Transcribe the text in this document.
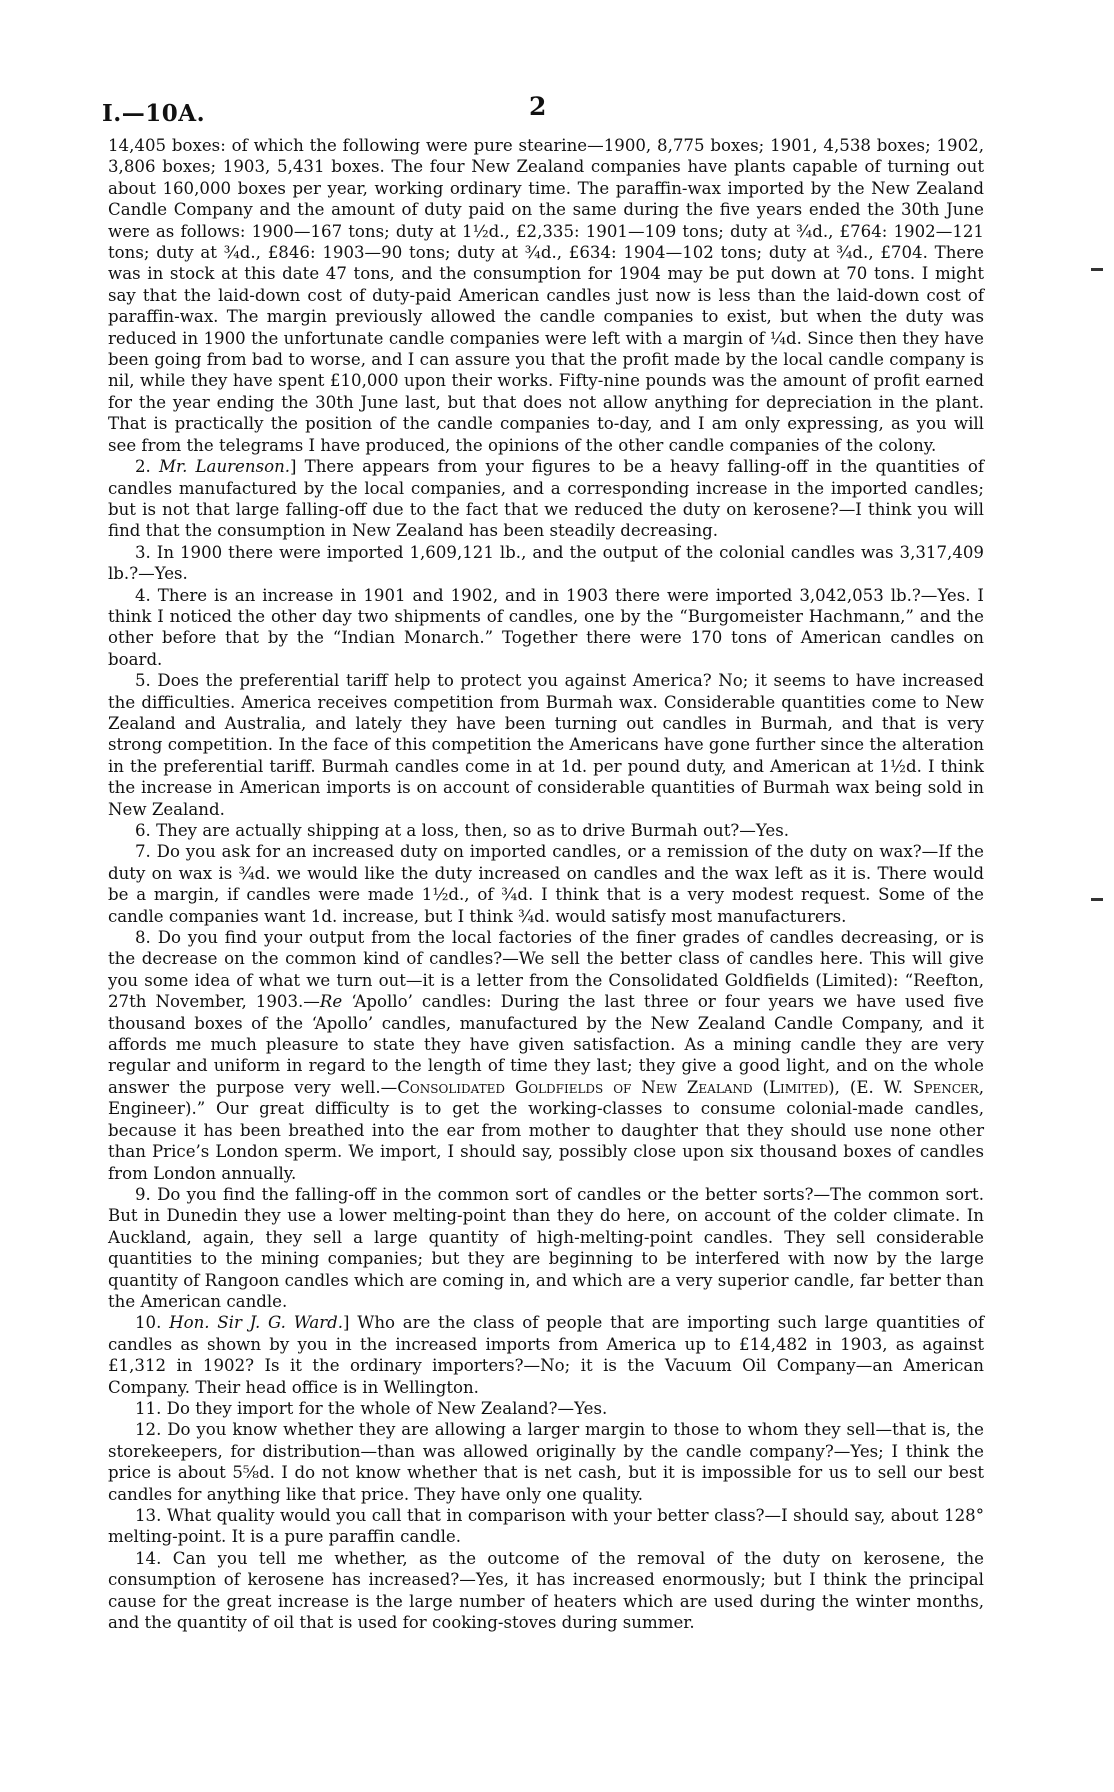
I.—10A.	2

14,405 boxes: of which the following were pure stearine—1900, 8,775 boxes; 1901, 4,538 boxes; 1902, 3,806 boxes; 1903, 5,431 boxes. The four New Zealand companies have plants capable of turning out about 160,000 boxes per year, working ordinary time. The paraffin-wax imported by the New Zealand Candle Company and the amount of duty paid on the same during the five years ended the 30th June were as follows: 1900—167 tons; duty at 1½d., £2,335: 1901—109 tons; duty at ¾d., £764: 1902—121 tons; duty at ¾d., £846: 1903—90 tons; duty at ¾d., £634: 1904—102 tons; duty at ¾d., £704. There was in stock at this date 47 tons, and the consumption for 1904 may be put down at 70 tons. I might say that the laid-down cost of duty-paid American candles just now is less than the laid-down cost of paraffin-wax. The margin previously allowed the candle companies to exist, but when the duty was reduced in 1900 the unfortunate candle companies were left with a margin of ¼d. Since then they have been going from bad to worse, and I can assure you that the profit made by the local candle company is nil, while they have spent £10,000 upon their works. Fifty-nine pounds was the amount of profit earned for the year ending the 30th June last, but that does not allow anything for depreciation in the plant. That is practically the position of the candle companies to-day, and I am only expressing, as you will see from the telegrams I have produced, the opinions of the other candle companies of the colony.

2. Mr. Laurenson.] There appears from your figures to be a heavy falling-off in the quantities of candles manufactured by the local companies, and a corresponding increase in the imported candles; but is not that large falling-off due to the fact that we reduced the duty on kerosene?—I think you will find that the consumption in New Zealand has been steadily decreasing.

3. In 1900 there were imported 1,609,121 lb., and the output of the colonial candles was 3,317,409 lb.?—Yes.

4. There is an increase in 1901 and 1902, and in 1903 there were imported 3,042,053 lb.?—Yes. I think I noticed the other day two shipments of candles, one by the “Burgomeister Hachmann,” and the other before that by the “Indian Monarch.” Together there were 170 tons of American candles on board.

5. Does the preferential tariff help to protect you against America? No; it seems to have increased the difficulties. America receives competition from Burmah wax. Considerable quantities come to New Zealand and Australia, and lately they have been turning out candles in Burmah, and that is very strong competition. In the face of this competition the Americans have gone further since the alteration in the preferential tariff. Burmah candles come in at 1d. per pound duty, and American at 1½d. I think the increase in American imports is on account of considerable quantities of Burmah wax being sold in New Zealand.

6. They are actually shipping at a loss, then, so as to drive Burmah out?—Yes.

7. Do you ask for an increased duty on imported candles, or a remission of the duty on wax?—If the duty on wax is ¾d. we would like the duty increased on candles and the wax left as it is. There would be a margin, if candles were made 1½d., of ¾d. I think that is a very modest request. Some of the candle companies want 1d. increase, but I think ¾d. would satisfy most manufacturers.

8. Do you find your output from the local factories of the finer grades of candles decreasing, or is the decrease on the common kind of candles?—We sell the better class of candles here. This will give you some idea of what we turn out—it is a letter from the Consolidated Goldfields (Limited): “Reefton, 27th November, 1903.—Re ‘Apollo’ candles: During the last three or four years we have used five thousand boxes of the ‘Apollo’ candles, manufactured by the New Zealand Candle Company, and it affords me much pleasure to state they have given satisfaction. As a mining candle they are very regular and uniform in regard to the length of time they last; they give a good light, and on the whole answer the purpose very well.—Consolidated Goldfields of New Zealand (Limited), (E. W. Spencer, Engineer).” Our great difficulty is to get the working-classes to consume colonial-made candles, because it has been breathed into the ear from mother to daughter that they should use none other than Price’s London sperm. We import, I should say, possibly close upon six thousand boxes of candles from London annually.

9. Do you find the falling-off in the common sort of candles or the better sorts?—The common sort. But in Dunedin they use a lower melting-point than they do here, on account of the colder climate. In Auckland, again, they sell a large quantity of high-melting-point candles. They sell considerable quantities to the mining companies; but they are beginning to be interfered with now by the large quantity of Rangoon candles which are coming in, and which are a very superior candle, far better than the American candle.

10. Hon. Sir J. G. Ward.] Who are the class of people that are importing such large quantities of candles as shown by you in the increased imports from America up to £14,482 in 1903, as against £1,312 in 1902? Is it the ordinary importers?—No; it is the Vacuum Oil Company—an American Company. Their head office is in Wellington.

11. Do they import for the whole of New Zealand?—Yes.

12. Do you know whether they are allowing a larger margin to those to whom they sell—that is, the storekeepers, for distribution—than was allowed originally by the candle company?—Yes; I think the price is about 5⅝d. I do not know whether that is net cash, but it is impossible for us to sell our best candles for anything like that price. They have only one quality.

13. What quality would you call that in comparison with your better class?—I should say, about 128° melting-point. It is a pure paraffin candle.

14. Can you tell me whether, as the outcome of the removal of the duty on kerosene, the consumption of kerosene has increased?—Yes, it has increased enormously; but I think the principal cause for the great increase is the large number of heaters which are used during the winter months, and the quantity of oil that is used for cooking-stoves during summer.
